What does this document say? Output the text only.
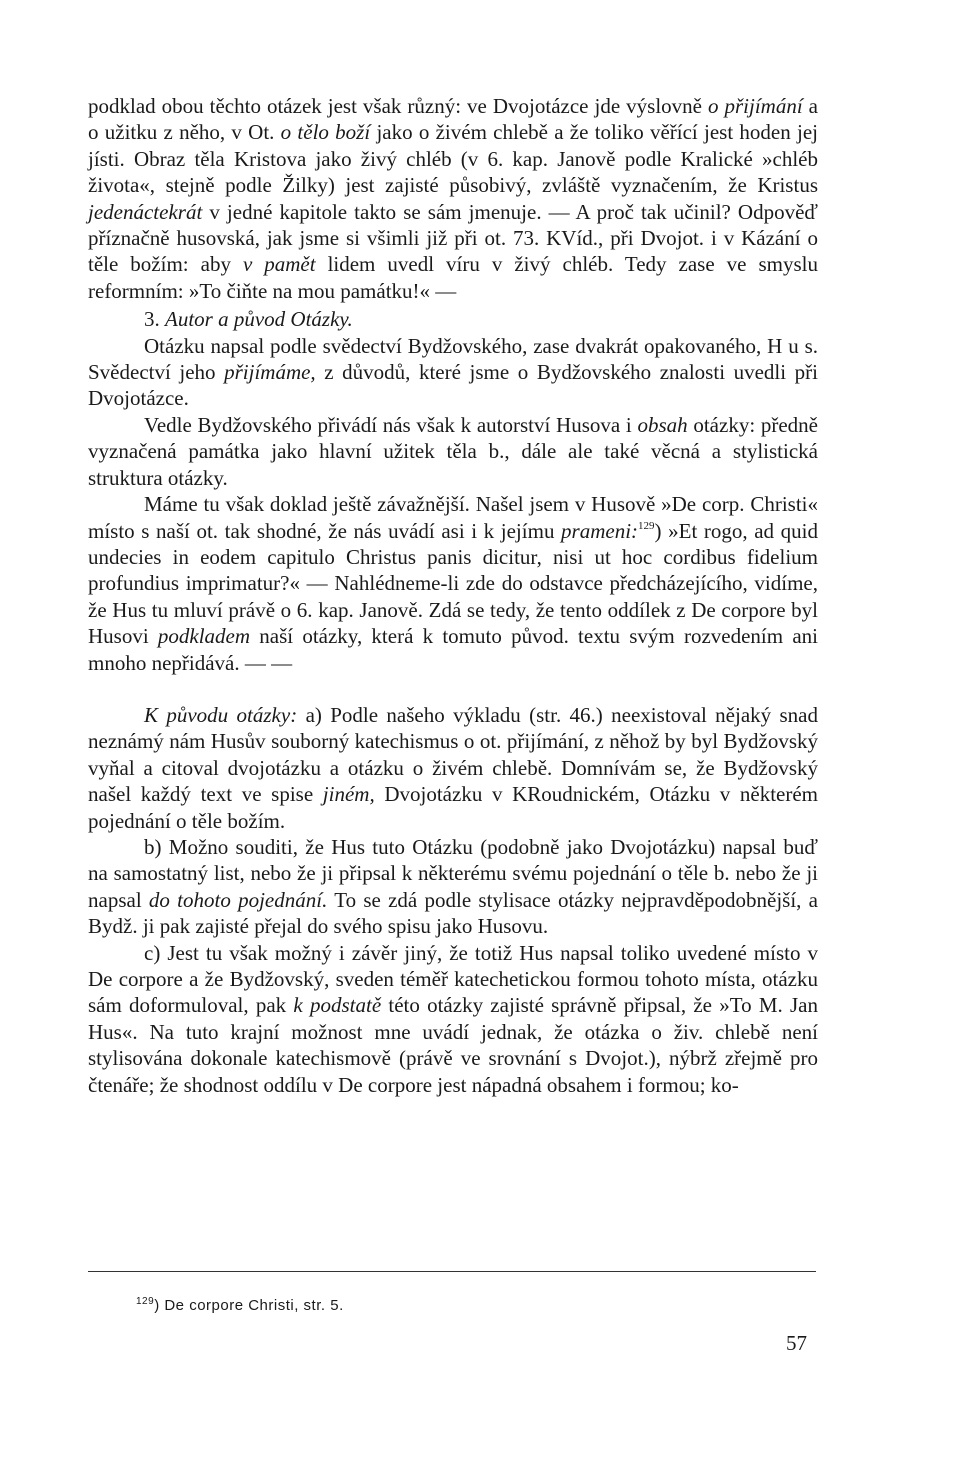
podklad obou těchto otázek jest však různý: ve Dvojotázce jde výslovně o přijímání a o užitku z něho, v Ot. o tělo boží jako o živém chlebě a že toliko věřící jest hoden jej jísti. Obraz těla Kristova jako živý chléb (v 6. kap. Janově podle Kralické »chléb života«, stejně podle Žilky) jest zajisté působivý, zvláště vyznačením, že Kristus jedenáctekrát v jedné kapitole takto se sám jmenuje. — A proč tak učinil? Odpověď příznačně husovská, jak jsme si všimli již při ot. 73. KVíd., při Dvojot. i v Kázání o těle božím: aby v pamět lidem uvedl víru v živý chléb. Tedy zase ve smyslu reformním: »To čiňte na mou památku!« —

3. Autor a původ Otázky.

Otázku napsal podle svědectví Bydžovského, zase dvakrát opakovaného, H u s. Svědectví jeho přijímáme, z důvodů, které jsme o Bydžovského znalosti uvedli při Dvojotázce.

Vedle Bydžovského přivádí nás však k autorství Husova i obsah otázky: předně vyznačená památka jako hlavní užitek těla b., dále ale také věcná a stylistická struktura otázky.

Máme tu však doklad ještě závažnější. Našel jsem v Husově »De corp. Christi« místo s naší ot. tak shodné, že nás uvádí asi i k jejímu prameni:$^{129}$) »Et rogo, ad quid undecies in eodem capitulo Christus panis dicitur, nisi ut hoc cordibus fidelium profundius imprimatur?« — Nahlédneme-li zde do odstavce předcházejícího, vidíme, že Hus tu mluví právě o 6. kap. Janově. Zdá se tedy, že tento oddílek z De corpore byl Husovi podkladem naší otázky, která k tomuto původ. textu svým rozvedením ani mnoho nepřidává. — —

K původu otázky: a) Podle našeho výkladu (str. 46.) neexistoval nějaký snad neznámý nám Husův souborný katechismus o ot. přijímání, z něhož by byl Bydžovský vyňal a citoval dvojotázku a otázku o živém chlebě. Domnívám se, že Bydžovský našel každý text ve spise jiném, Dvojotázku v KRoudnickém, Otázku v některém pojednání o těle božím.

b) Možno souditi, že Hus tuto Otázku (podobně jako Dvojotázku) napsal buď na samostatný list, nebo že ji připsal k některému svému pojednání o těle b. nebo že ji napsal do tohoto pojednání. To se zdá podle stylisace otázky nejpravděpodobnější, a Bydž. ji pak zajisté přejal do svého spisu jako Husovu.

c) Jest tu však možný i závěr jiný, že totiž Hus napsal toliko uvedené místo v De corpore a že Bydžovský, sveden téměř katechetickou formou tohoto místa, otázku sám doformuloval, pak k podstatě této otázky zajisté správně připsal, že »To M. Jan Hus«. Na tuto krajní možnost mne uvádí jednak, že otázka o živ. chlebě není stylisována dokonale katechismově (právě ve srovnání s Dvojot.), nýbrž zřejmě pro čtenáře; že shodnost oddílu v De corpore jest nápadná obsahem i formou; ko-

$^{129}$) De corpore Christi, str. 5.
57
